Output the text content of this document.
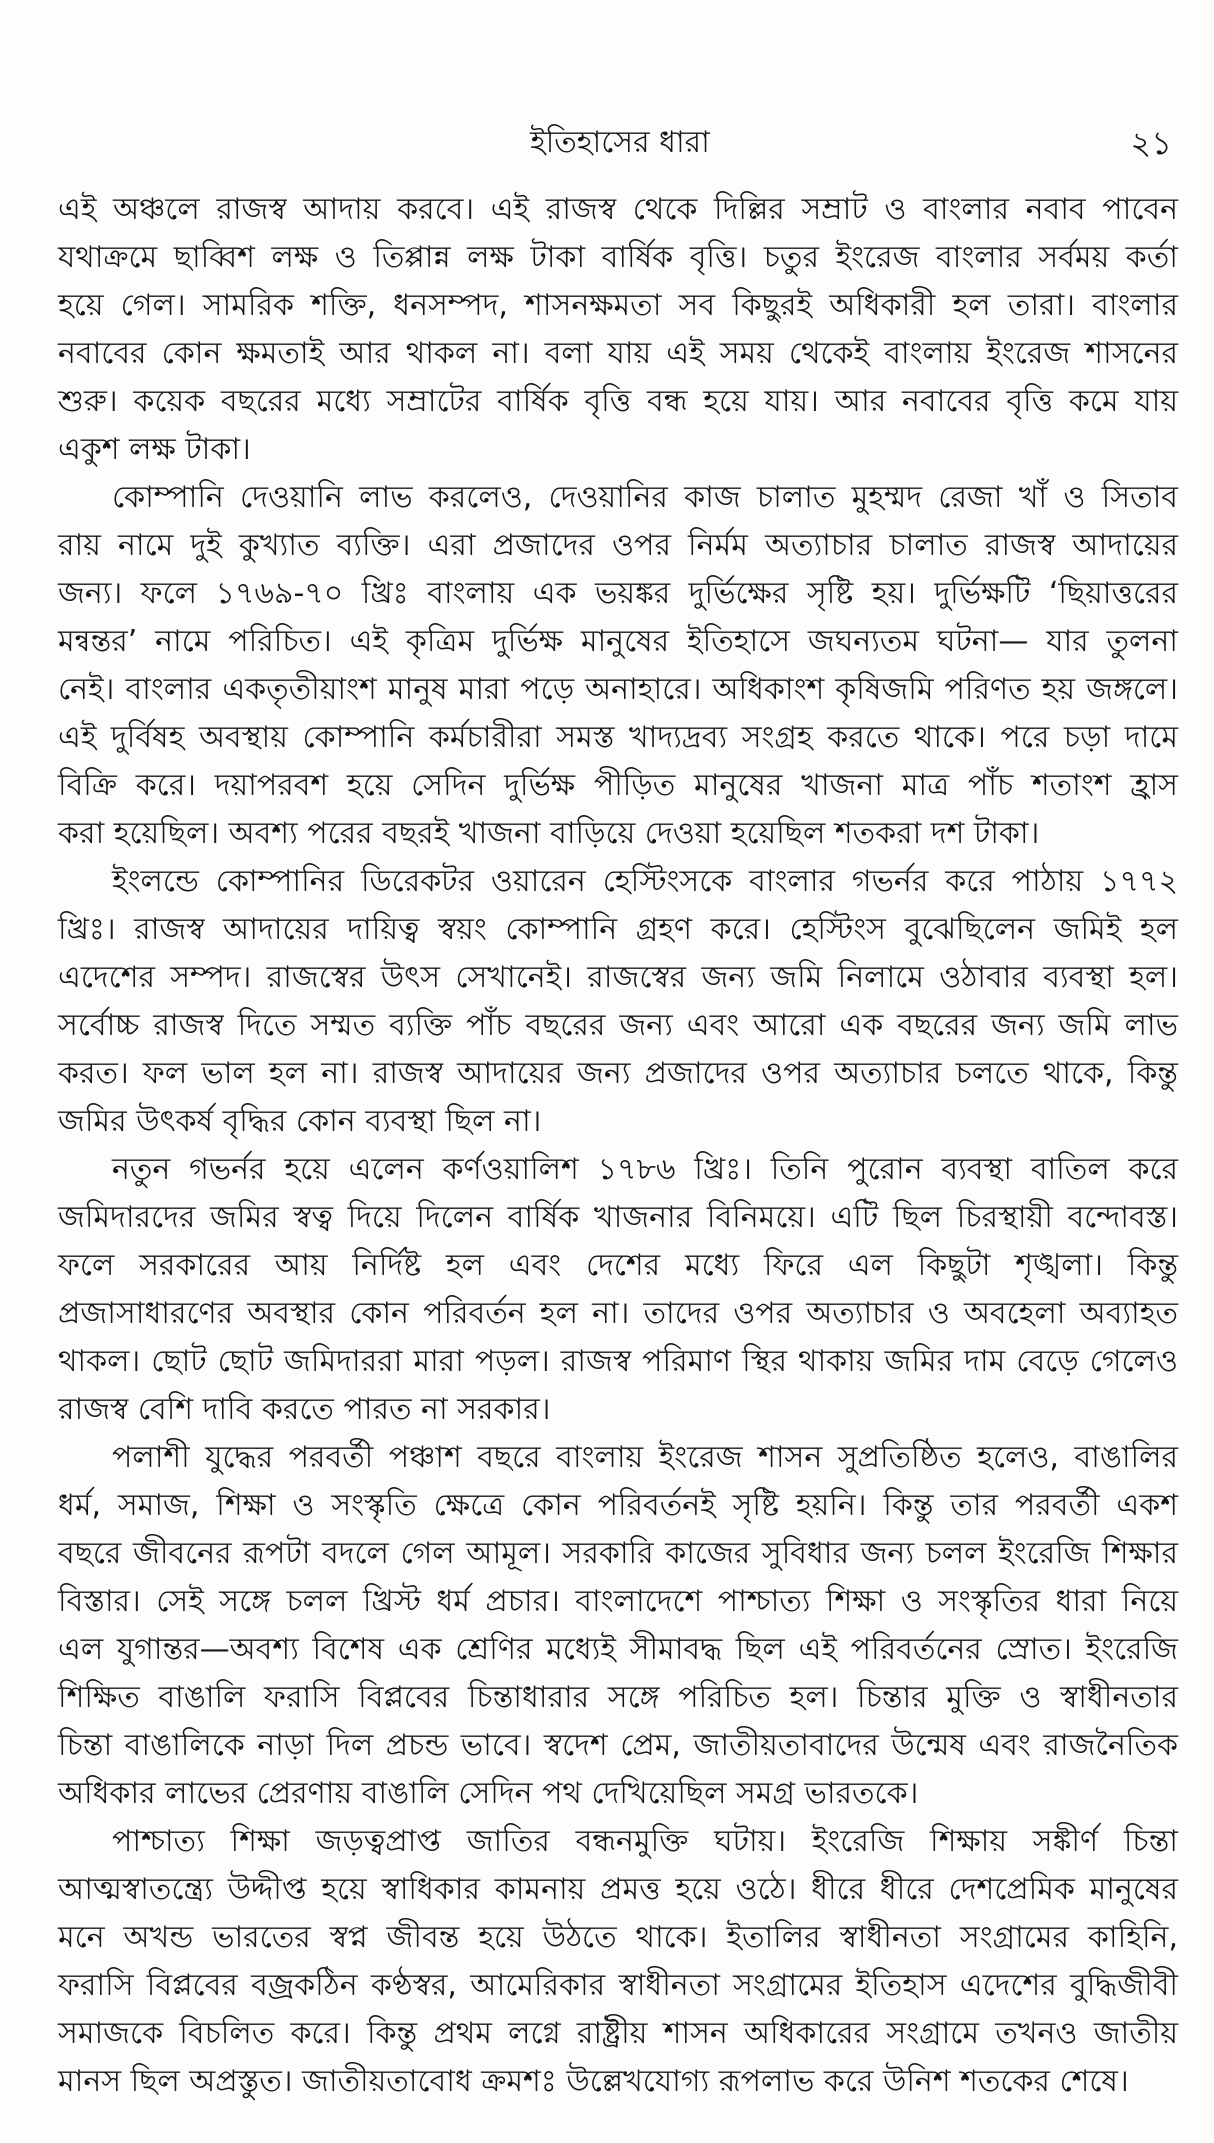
ইতিহাসের ধারা	২১
এই অঞ্চলে রাজস্ব আদায় করবে। এই রাজস্ব থেকে দিল্লির সম্রাট ও বাংলার নবাব পাবেন
যথাক্রমে ছাব্বিশ লক্ষ ও তিপ্পান্ন লক্ষ টাকা বার্ষিক বৃত্তি। চতুর ইংরেজ বাংলার সর্বময় কর্তা
হয়ে গেল। সামরিক শক্তি, ধনসম্পদ, শাসনক্ষমতা সব কিছুরই অধিকারী হল তারা। বাংলার
নবাবের কোন ক্ষমতাই আর থাকল না। বলা যায় এই সময় থেকেই বাংলায় ইংরেজ শাসনের
শুরু। কয়েক বছরের মধ্যে সম্রাটের বার্ষিক বৃত্তি বন্ধ হয়ে যায়। আর নবাবের বৃত্তি কমে যায়
একুশ লক্ষ টাকা।
কোম্পানি দেওয়ানি লাভ করলেও, দেওয়ানির কাজ চালাত মুহম্মদ রেজা খাঁ ও সিতাব
রায় নামে দুই কুখ্যাত ব্যক্তি। এরা প্রজাদের ওপর নির্মম অত্যাচার চালাত রাজস্ব আদায়ের
জন্য। ফলে ১৭৬৯-৭০ খ্রিঃ বাংলায় এক ভয়ঙ্কর দুর্ভিক্ষের সৃষ্টি হয়। দুর্ভিক্ষটি ‘ছিয়াত্তরের
মন্বন্তর’ নামে পরিচিত। এই কৃত্রিম দুর্ভিক্ষ মানুষের ইতিহাসে জঘন্যতম ঘটনা— যার তুলনা
নেই। বাংলার একতৃতীয়াংশ মানুষ মারা পড়ে অনাহারে। অধিকাংশ কৃষিজমি পরিণত হয় জঙ্গলে।
এই দুর্বিষহ অবস্থায় কোম্পানি কর্মচারীরা সমস্ত খাদ্যদ্রব্য সংগ্রহ করতে থাকে। পরে চড়া দামে
বিক্রি করে। দয়াপরবশ হয়ে সেদিন দুর্ভিক্ষ পীড়িত মানুষের খাজনা মাত্র পাঁচ শতাংশ হ্রাস
করা হয়েছিল। অবশ্য পরের বছরই খাজনা বাড়িয়ে দেওয়া হয়েছিল শতকরা দশ টাকা।
ইংলন্ডে কোম্পানির ডিরেকটর ওয়ারেন হেস্টিংসকে বাংলার গভর্নর করে পাঠায় ১৭৭২
খ্রিঃ। রাজস্ব আদায়ের দায়িত্ব স্বয়ং কোম্পানি গ্রহণ করে। হেস্টিংস বুঝেছিলেন জমিই হল
এদেশের সম্পদ। রাজস্বের উৎস সেখানেই। রাজস্বের জন্য জমি নিলামে ওঠাবার ব্যবস্থা হল।
সর্বোচ্চ রাজস্ব দিতে সম্মত ব্যক্তি পাঁচ বছরের জন্য এবং আরো এক বছরের জন্য জমি লাভ
করত। ফল ভাল হল না। রাজস্ব আদায়ের জন্য প্রজাদের ওপর অত্যাচার চলতে থাকে, কিন্তু
জমির উৎকর্ষ বৃদ্ধির কোন ব্যবস্থা ছিল না।
নতুন গভর্নর হয়ে এলেন কর্ণওয়ালিশ ১৭৮৬ খ্রিঃ। তিনি পুরোন ব্যবস্থা বাতিল করে
জমিদারদের জমির স্বত্ব দিয়ে দিলেন বার্ষিক খাজনার বিনিময়ে। এটি ছিল চিরস্থায়ী বন্দোবস্ত।
ফলে সরকারের আয় নির্দিষ্ট হল এবং দেশের মধ্যে ফিরে এল কিছুটা শৃঙ্খলা। কিন্তু
প্রজাসাধারণের অবস্থার কোন পরিবর্তন হল না। তাদের ওপর অত্যাচার ও অবহেলা অব্যাহত
থাকল। ছোট ছোট জমিদাররা মারা পড়ল। রাজস্ব পরিমাণ স্থির থাকায় জমির দাম বেড়ে গেলেও
রাজস্ব বেশি দাবি করতে পারত না সরকার।
পলাশী যুদ্ধের পরবর্তী পঞ্চাশ বছরে বাংলায় ইংরেজ শাসন সুপ্রতিষ্ঠিত হলেও, বাঙালির
ধর্ম, সমাজ, শিক্ষা ও সংস্কৃতি ক্ষেত্রে কোন পরিবর্তনই সৃষ্টি হয়নি। কিন্তু তার পরবর্তী একশ
বছরে জীবনের রূপটা বদলে গেল আমূল। সরকারি কাজের সুবিধার জন্য চলল ইংরেজি শিক্ষার
বিস্তার। সেই সঙ্গে চলল খ্রিস্ট ধর্ম প্রচার। বাংলাদেশে পাশ্চাত্য শিক্ষা ও সংস্কৃতির ধারা নিয়ে
এল যুগান্তর—অবশ্য বিশেষ এক শ্রেণির মধ্যেই সীমাবদ্ধ ছিল এই পরিবর্তনের স্রোত। ইংরেজি
শিক্ষিত বাঙালি ফরাসি বিপ্লবের চিন্তাধারার সঙ্গে পরিচিত হল। চিন্তার মুক্তি ও স্বাধীনতার
চিন্তা বাঙালিকে নাড়া দিল প্রচন্ড ভাবে। স্বদেশ প্রেম, জাতীয়তাবাদের উন্মেষ এবং রাজনৈতিক
অধিকার লাভের প্রেরণায় বাঙালি সেদিন পথ দেখিয়েছিল সমগ্র ভারতকে।
পাশ্চাত্য শিক্ষা জড়ত্বপ্রাপ্ত জাতির বন্ধনমুক্তি ঘটায়। ইংরেজি শিক্ষায় সঙ্কীর্ণ চিন্তা
আত্মস্বাতন্ত্র্যে উদ্দীপ্ত হয়ে স্বাধিকার কামনায় প্রমত্ত হয়ে ওঠে। ধীরে ধীরে দেশপ্রেমিক মানুষের
মনে অখন্ড ভারতের স্বপ্ন জীবন্ত হয়ে উঠতে থাকে। ইতালির স্বাধীনতা সংগ্রামের কাহিনি,
ফরাসি বিপ্লবের বজ্রকঠিন কণ্ঠস্বর, আমেরিকার স্বাধীনতা সংগ্রামের ইতিহাস এদেশের বুদ্ধিজীবী
সমাজকে বিচলিত করে। কিন্তু প্রথম লগ্নে রাষ্ট্রীয় শাসন অধিকারের সংগ্রামে তখনও জাতীয়
মানস ছিল অপ্রস্তুত। জাতীয়তাবোধ ক্রমশঃ উল্লেখযোগ্য রূপলাভ করে উনিশ শতকের শেষে।
